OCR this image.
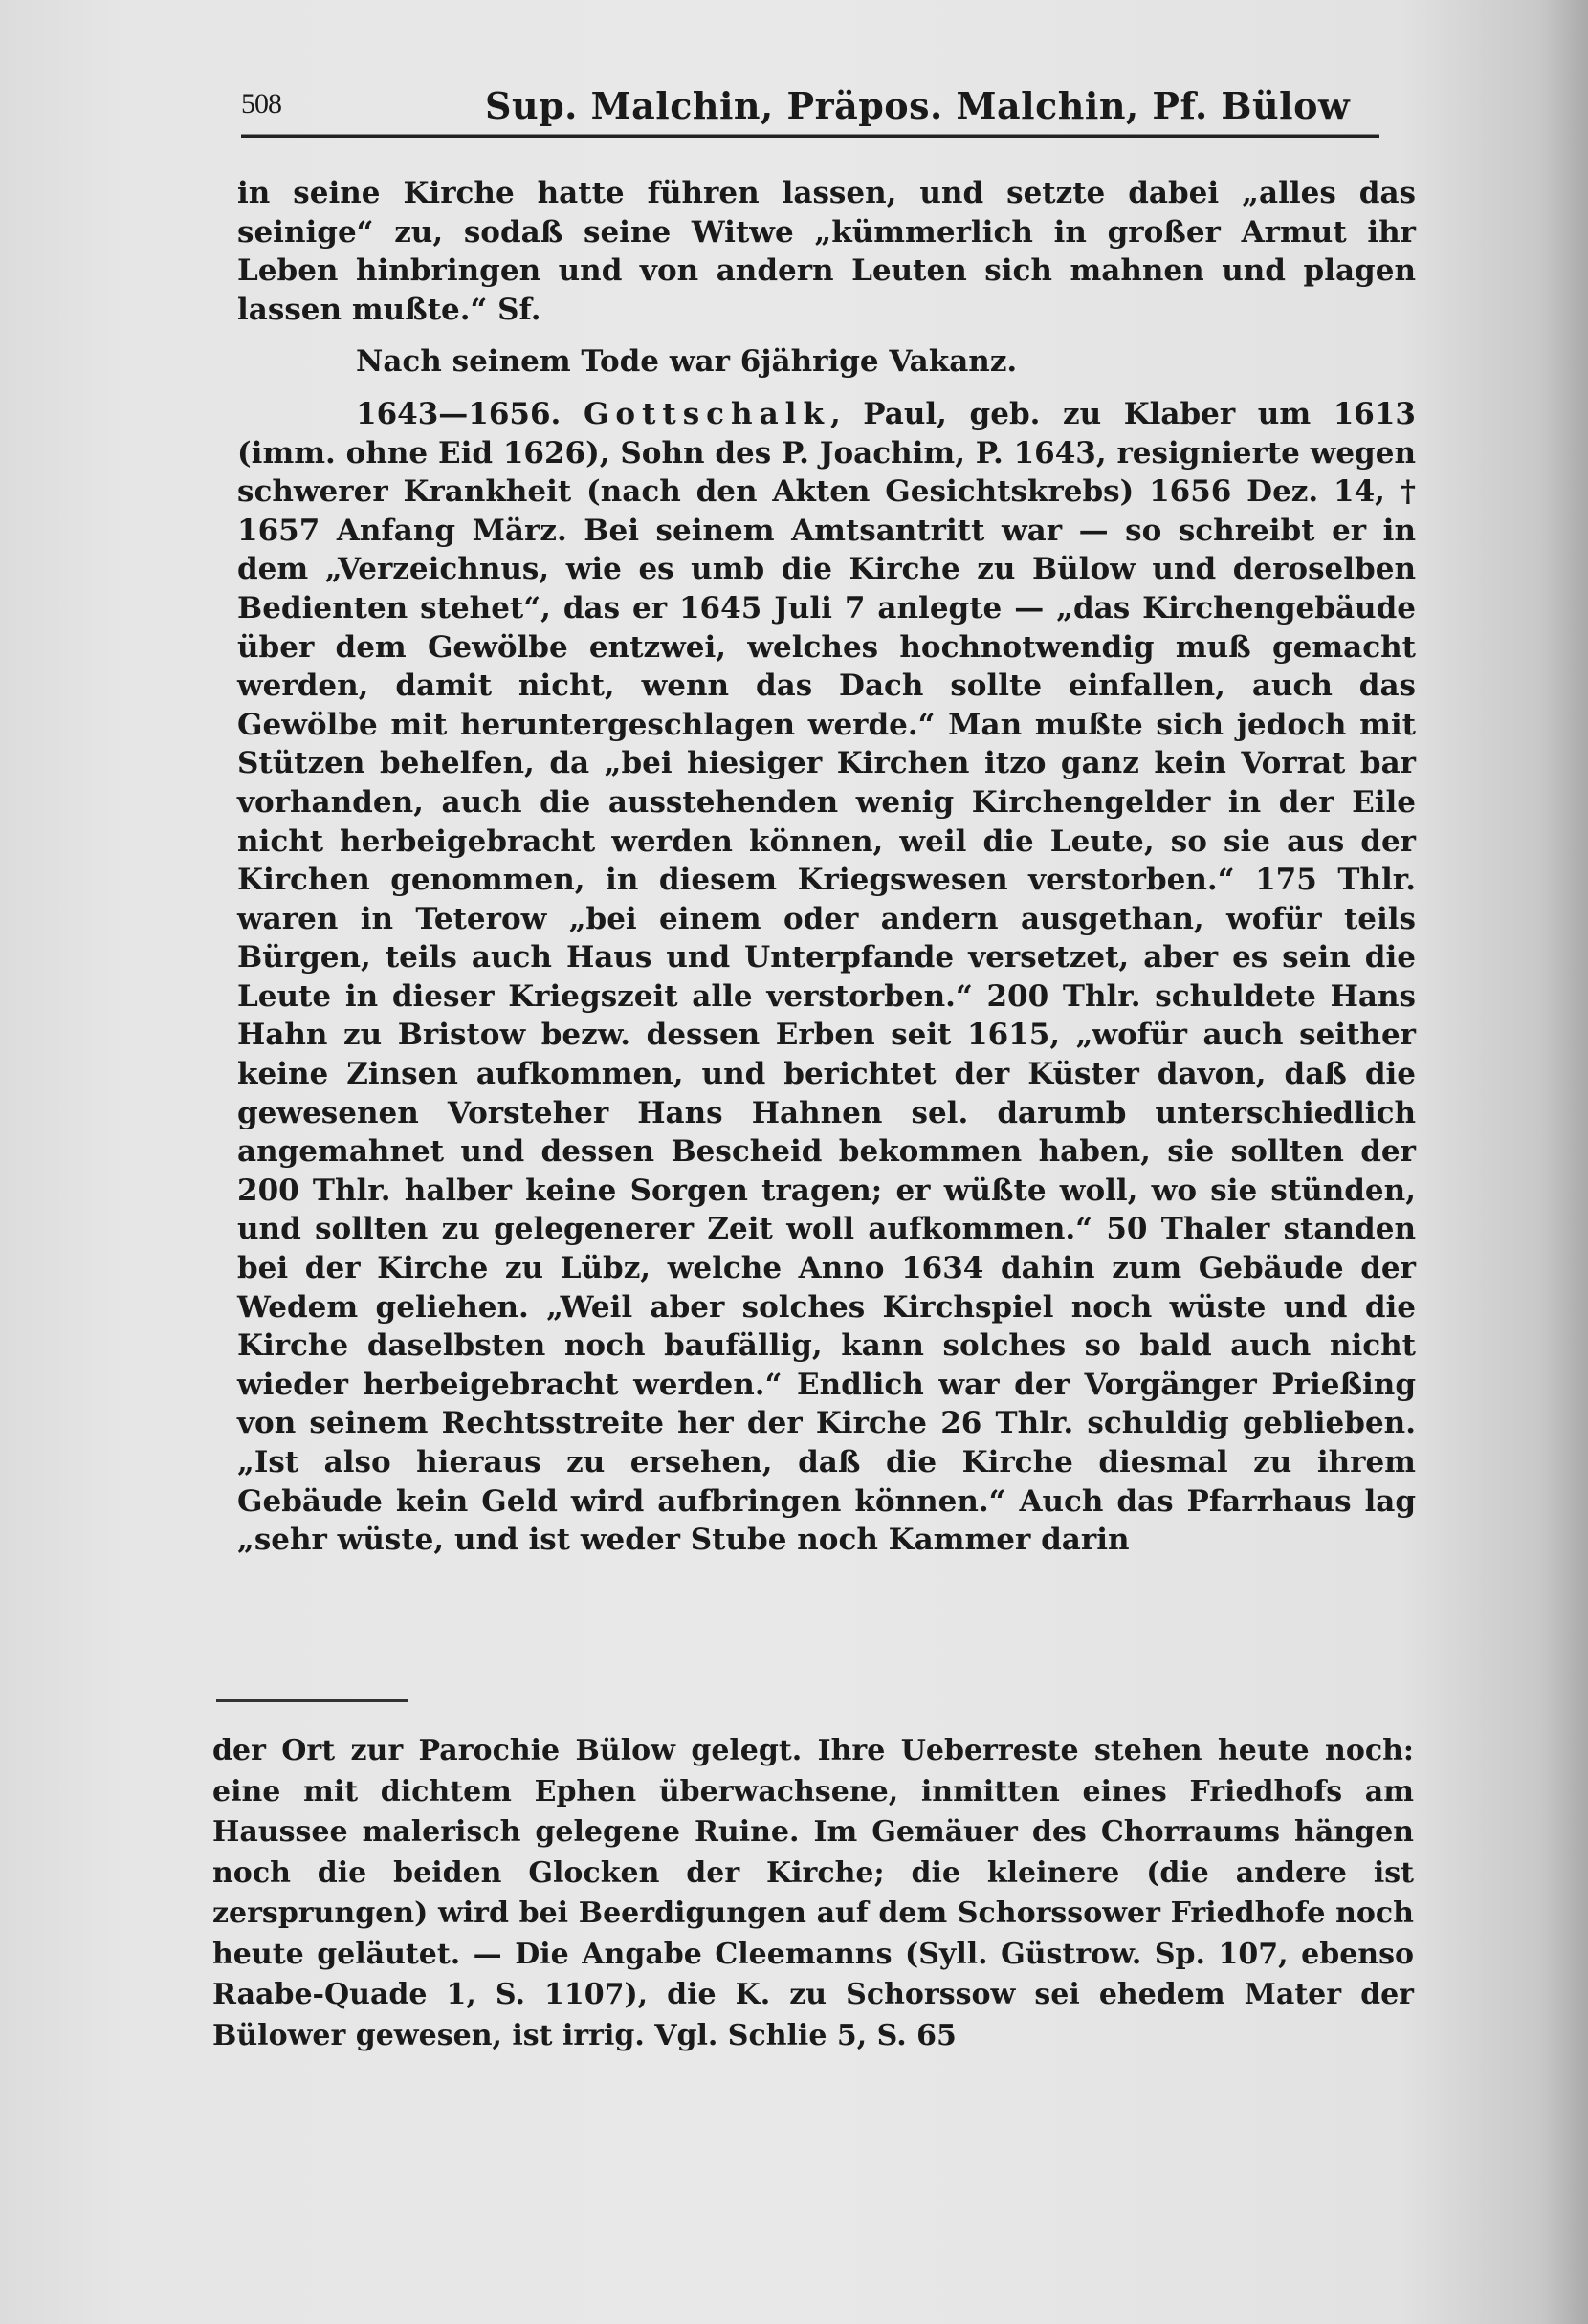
508	Sup. Malchin, Präpos. Malchin, Pf. Bülow

in seine Kirche hatte führen lassen, und setzte dabei „alles das seinige“ zu, sodaß seine Witwe „kümmerlich in großer Armut ihr Leben hinbringen und von andern Leuten sich mahnen und plagen lassen mußte.“ Sf.

Nach seinem Tode war 6jährige Vakanz.

1643—1656. Gottschalk, Paul, geb. zu Klaber um 1613 (imm. ohne Eid 1626), Sohn des P. Joachim, P. 1643, resignierte wegen schwerer Krankheit (nach den Akten Gesichtskrebs) 1656 Dez. 14, † 1657 Anfang März. Bei seinem Amtsantritt war — so schreibt er in dem „Verzeichnus, wie es umb die Kirche zu Bülow und deroselben Bedienten stehet“, das er 1645 Juli 7 anlegte — „das Kirchengebäude über dem Gewölbe entzwei, welches hochnotwendig muß gemacht werden, damit nicht, wenn das Dach sollte einfallen, auch das Gewölbe mit heruntergeschlagen werde.“ Man mußte sich jedoch mit Stützen behelfen, da „bei hiesiger Kirchen itzo ganz kein Vorrat bar vorhanden, auch die ausstehenden wenig Kirchengelder in der Eile nicht herbeigebracht werden können, weil die Leute, so sie aus der Kirchen genommen, in diesem Kriegswesen verstorben.“ 175 Thlr. waren in Teterow „bei einem oder andern ausgethan, wofür teils Bürgen, teils auch Haus und Unterpfande versetzet, aber es sein die Leute in dieser Kriegszeit alle verstorben.“ 200 Thlr. schuldete Hans Hahn zu Bristow bezw. dessen Erben seit 1615, „wofür auch seither keine Zinsen aufkommen, und berichtet der Küster davon, daß die gewesenen Vorsteher Hans Hahnen sel. darumb unterschiedlich angemahnet und dessen Bescheid bekommen haben, sie sollten der 200 Thlr. halber keine Sorgen tragen; er wüßte woll, wo sie stünden, und sollten zu gelegenerer Zeit woll aufkommen.“ 50 Thaler standen bei der Kirche zu Lübz, welche Anno 1634 dahin zum Gebäude der Wedem geliehen. „Weil aber solches Kirchspiel noch wüste und die Kirche daselbsten noch baufällig, kann solches so bald auch nicht wieder herbeigebracht werden.“ Endlich war der Vorgänger Prießing von seinem Rechtsstreite her der Kirche 26 Thlr. schuldig geblieben. „Ist also hieraus zu ersehen, daß die Kirche diesmal zu ihrem Gebäude kein Geld wird aufbringen können.“ Auch das Pfarrhaus lag „sehr wüste, und ist weder Stube noch Kammer darin

der Ort zur Parochie Bülow gelegt. Ihre Ueberreste stehen heute noch: eine mit dichtem Ephen überwachsene, inmitten eines Friedhofs am Haussee malerisch gelegene Ruine. Im Gemäuer des Chorraums hängen noch die beiden Glocken der Kirche; die kleinere (die andere ist zersprungen) wird bei Beerdigungen auf dem Schorssower Friedhofe noch heute geläutet. — Die Angabe Cleemanns (Syll. Güstrow. Sp. 107, ebenso Raabe-Quade 1, S. 1107), die K. zu Schorssow sei ehedem Mater der Bülower gewesen, ist irrig. Vgl. Schlie 5, S. 65
